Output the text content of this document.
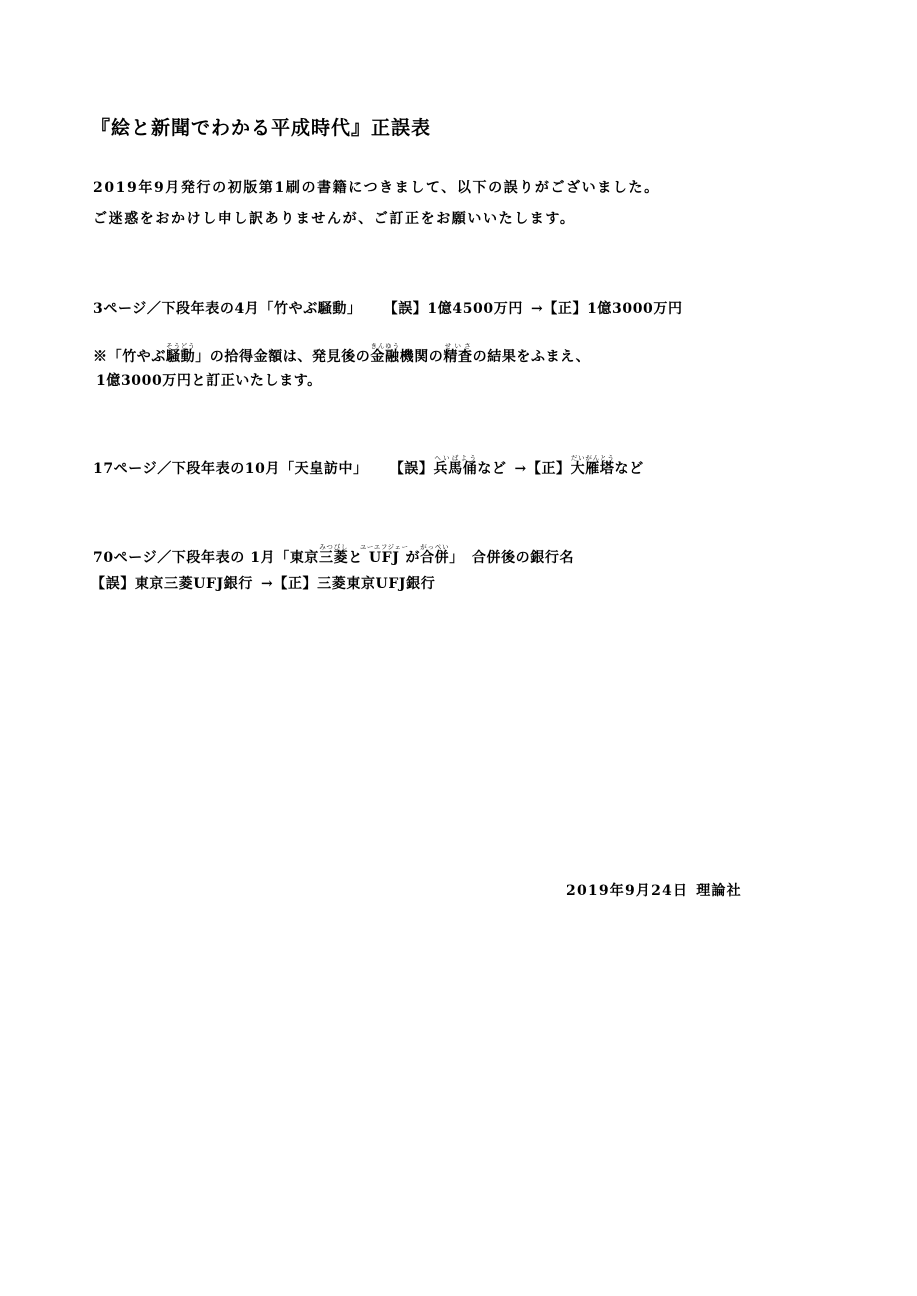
『絵と新聞でわかる平成時代』正誤表
2019年9月発行の初版第1刷の書籍につきまして、以下の誤りがございました。
ご迷惑をおかけし申し訳ありませんが、ご訂正をお願いいたします。
3ページ／下段年表の4月「竹やぶ騒動」 【誤】1億4500万円 →【正】1億3000万円
※「竹やぶ騒動そうどう」の拾得金額は、発見後の金融きんゆう機関の精査せいさの結果をふまえ、
1億3000万円と訂正いたします。
17ページ／下段年表の10月「天皇訪中」 【誤】兵馬俑へいばようなど →【正】大雁塔だいがんとうなど
70ページ／下段年表の 1月「東京三菱みつびしとUFJユーエフジェーが合併がっぺい」 合併後の銀行名
【誤】東京三菱UFJ銀行 →【正】三菱東京UFJ銀行
2019年9月24日 理論社
